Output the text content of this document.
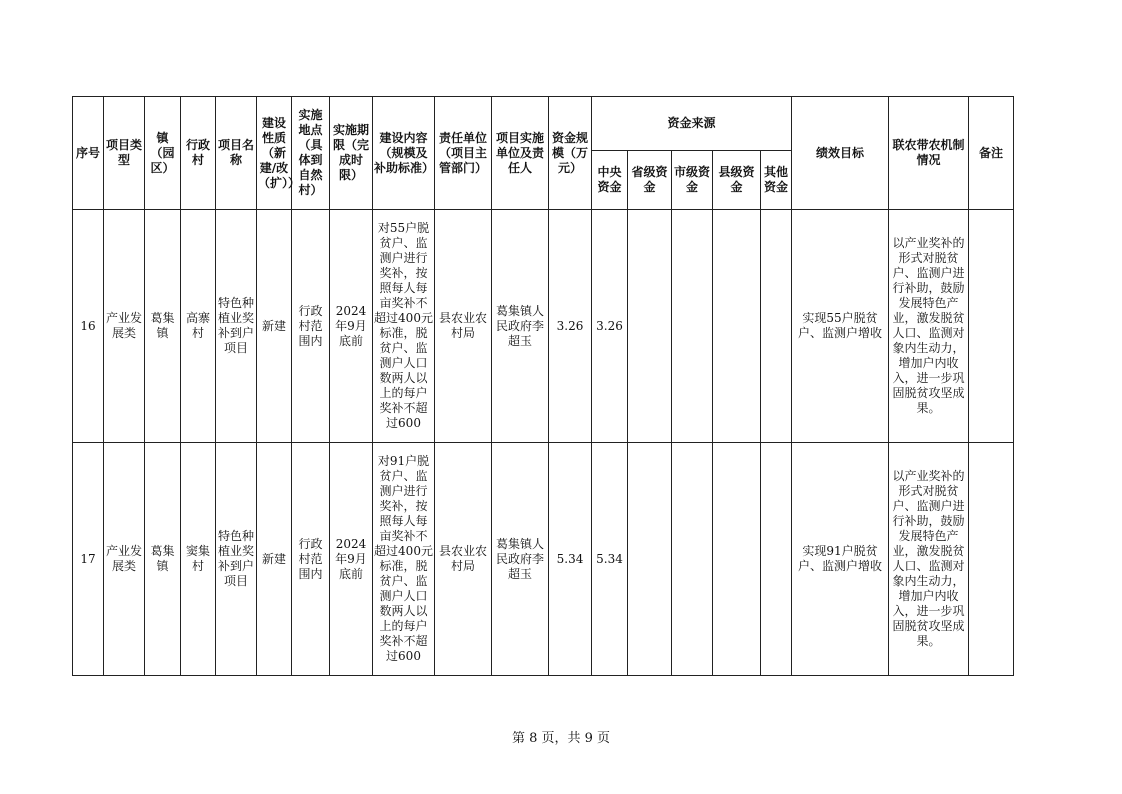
序号	项目类型	镇（园区）	行政村	项目名称	建设性质（新建/改（扩））	实施地点（具体到自然村）	实施期限（完成时限）	建设内容（规模及补助标准）	责任单位（项目主管部门）	项目实施单位及责任人	资金规模（万元）	资金来源					绩效目标	联农带农机制情况	备注
												中央资金	省级资金	市级资金	县级资金	其他资金			
16	产业发展类	葛集镇	高寨村	特色种植业奖补到户项目	新建	行政村范围内	2024年9月底前	对55户脱贫户、监测户进行奖补，按照每人每亩奖补不超过400元标准，脱贫户、监测户人口数两人以上的每户奖补不超过600	县农业农村局	葛集镇人民政府李超玉	3.26	3.26					实现55户脱贫户、监测户增收	以产业奖补的形式对脱贫户、监测户进行补助，鼓励发展特色产业，激发脱贫人口、监测对象内生动力，增加户内收入，进一步巩固脱贫攻坚成果。	
17	产业发展类	葛集镇	窦集村	特色种植业奖补到户项目	新建	行政村范围内	2024年9月底前	对91户脱贫户、监测户进行奖补，按照每人每亩奖补不超过400元标准，脱贫户、监测户人口数两人以上的每户奖补不超过600	县农业农村局	葛集镇人民政府李超玉	5.34	5.34					实现91户脱贫户、监测户增收	以产业奖补的形式对脱贫户、监测户进行补助，鼓励发展特色产业，激发脱贫人口、监测对象内生动力，增加户内收入，进一步巩固脱贫攻坚成果。	
第 8 页，共 9 页
